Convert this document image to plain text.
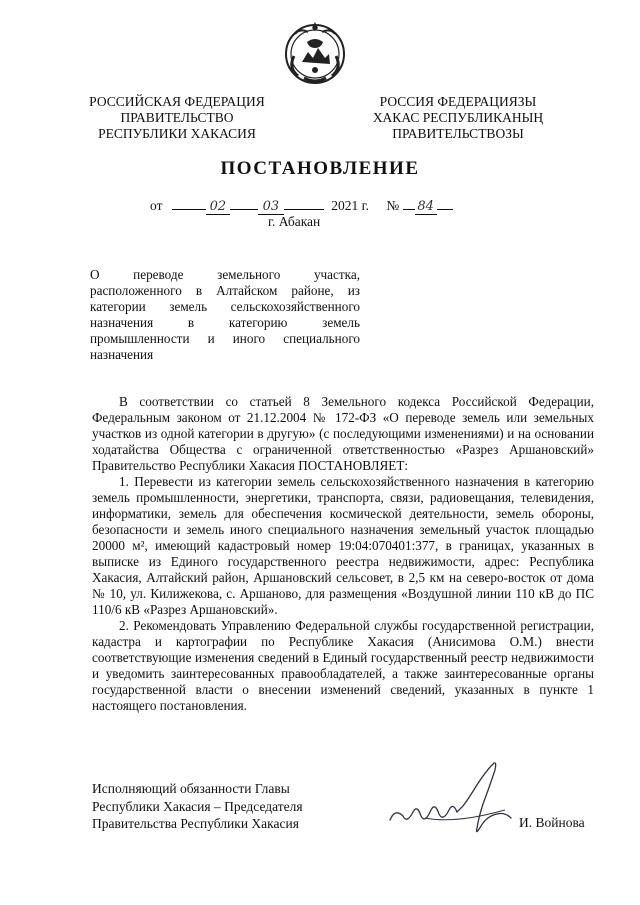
РОССИЙСКАЯ ФЕДЕРАЦИЯ
ПРАВИТЕЛЬСТВО
РЕСПУБЛИКИ ХАКАСИЯ
РОССИЯ ФЕДЕРАЦИЯЗЫ
ХАКАС РЕСПУБЛИКАНЫҢ
ПРАВИТЕЛЬСТВОЗЫ
ПОСТАНОВЛЕНИЕ
от	02	03	2021 г. № 84
г. Абакан
О переводе земельного участка,
расположенного в Алтайском районе, из
категории земель сельскохозяйственного
назначения в категорию земель
промышленности и иного специального
назначения

В соответствии со статьей 8 Земельного кодекса Российской Федерации, Федеральным законом от 21.12.2004 № 172-ФЗ «О переводе земель или земельных участков из одной категории в другую» (с последующими изменениями) и на основании ходатайства Общества с ограниченной ответственностью «Разрез Аршановский» Правительство Республики Хакасия ПОСТАНОВЛЯЕТ:

1. Перевести из категории земель сельскохозяйственного назначения в категорию земель промышленности, энергетики, транспорта, связи, радиовещания, телевидения, информатики, земель для обеспечения космической деятельности, земель обороны, безопасности и земель иного специального назначения земельный участок площадью 20000 м², имеющий кадастровый номер 19:04:070401:377, в границах, указанных в выписке из Единого государственного реестра недвижимости, адрес: Республика Хакасия, Алтайский район, Аршановский сельсовет, в 2,5 км на северо-восток от дома № 10, ул. Килижекова, с. Аршаново, для размещения «Воздушной линии 110 кВ до ПС 110/6 кВ «Разрез Аршановский».

2. Рекомендовать Управлению Федеральной службы государственной регистрации, кадастра и картографии по Республике Хакасия (Анисимова О.М.) внести соответствующие изменения сведений в Единый государственный реестр недвижимости и уведомить заинтересованных правообладателей, а также заинтересованные органы государственной власти о внесении изменений сведений, указанных в пункте 1 настоящего постановления.

Исполняющий обязанности Главы
Республики Хакасия – Председателя
Правительства Республики Хакасия	И. Войнова
